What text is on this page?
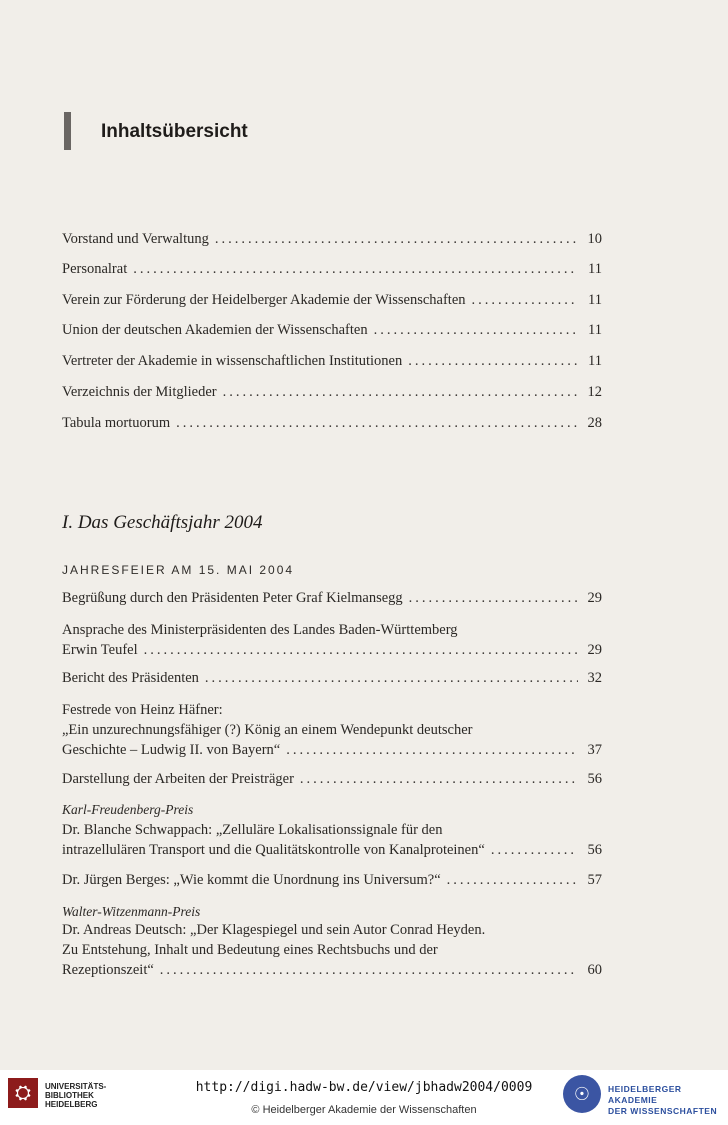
Inhaltsübersicht
Vorstand und Verwaltung .....	10
Personalrat .....	11
Verein zur Förderung der Heidelberger Akademie der Wissenschaften .....	11
Union der deutschen Akademien der Wissenschaften .....	11
Vertreter der Akademie in wissenschaftlichen Institutionen .....	11
Verzeichnis der Mitglieder .....	12
Tabula mortuorum .....	28
I. Das Geschäftsjahr 2004
JAHRESFEIER AM 15. MAI 2004
Begrüßung durch den Präsidenten Peter Graf Kielmansegg .....	29
Ansprache des Ministerpräsidenten des Landes Baden-Württemberg
Erwin Teufel .....	29
Bericht des Präsidenten .....	32
Festrede von Heinz Häfner:
„Ein unzurechnungsfähiger (?) König an einem Wendepunkt deutscher
Geschichte – Ludwig II. von Bayern“ .....	37
Darstellung der Arbeiten der Preisträger .....	56
Karl-Freudenberg-Preis
Dr. Blanche Schwappach: „Zelluläre Lokalisationssignale für den
intrazellulären Transport und die Qualitätskontrolle von Kanalproteinen“ .....	56
Dr. Jürgen Berges: „Wie kommt die Unordnung ins Universum?“ .....	57
Walter-Witzenmann-Preis
Dr. Andreas Deutsch: „Der Klagespiegel und sein Autor Conrad Heyden.
Zu Entstehung, Inhalt und Bedeutung eines Rechtsbuchs und der
Rezeptionszeit“ .....	60
⛭	UNIVERSITÄTS-
BIBLIOTHEK
HEIDELBERG
http://digi.hadw-bw.de/view/jbhadw2004/0009
© Heidelberger Akademie der Wissenschaften
☉	HEIDELBERGER AKADEMIE
DER WISSENSCHAFTEN
